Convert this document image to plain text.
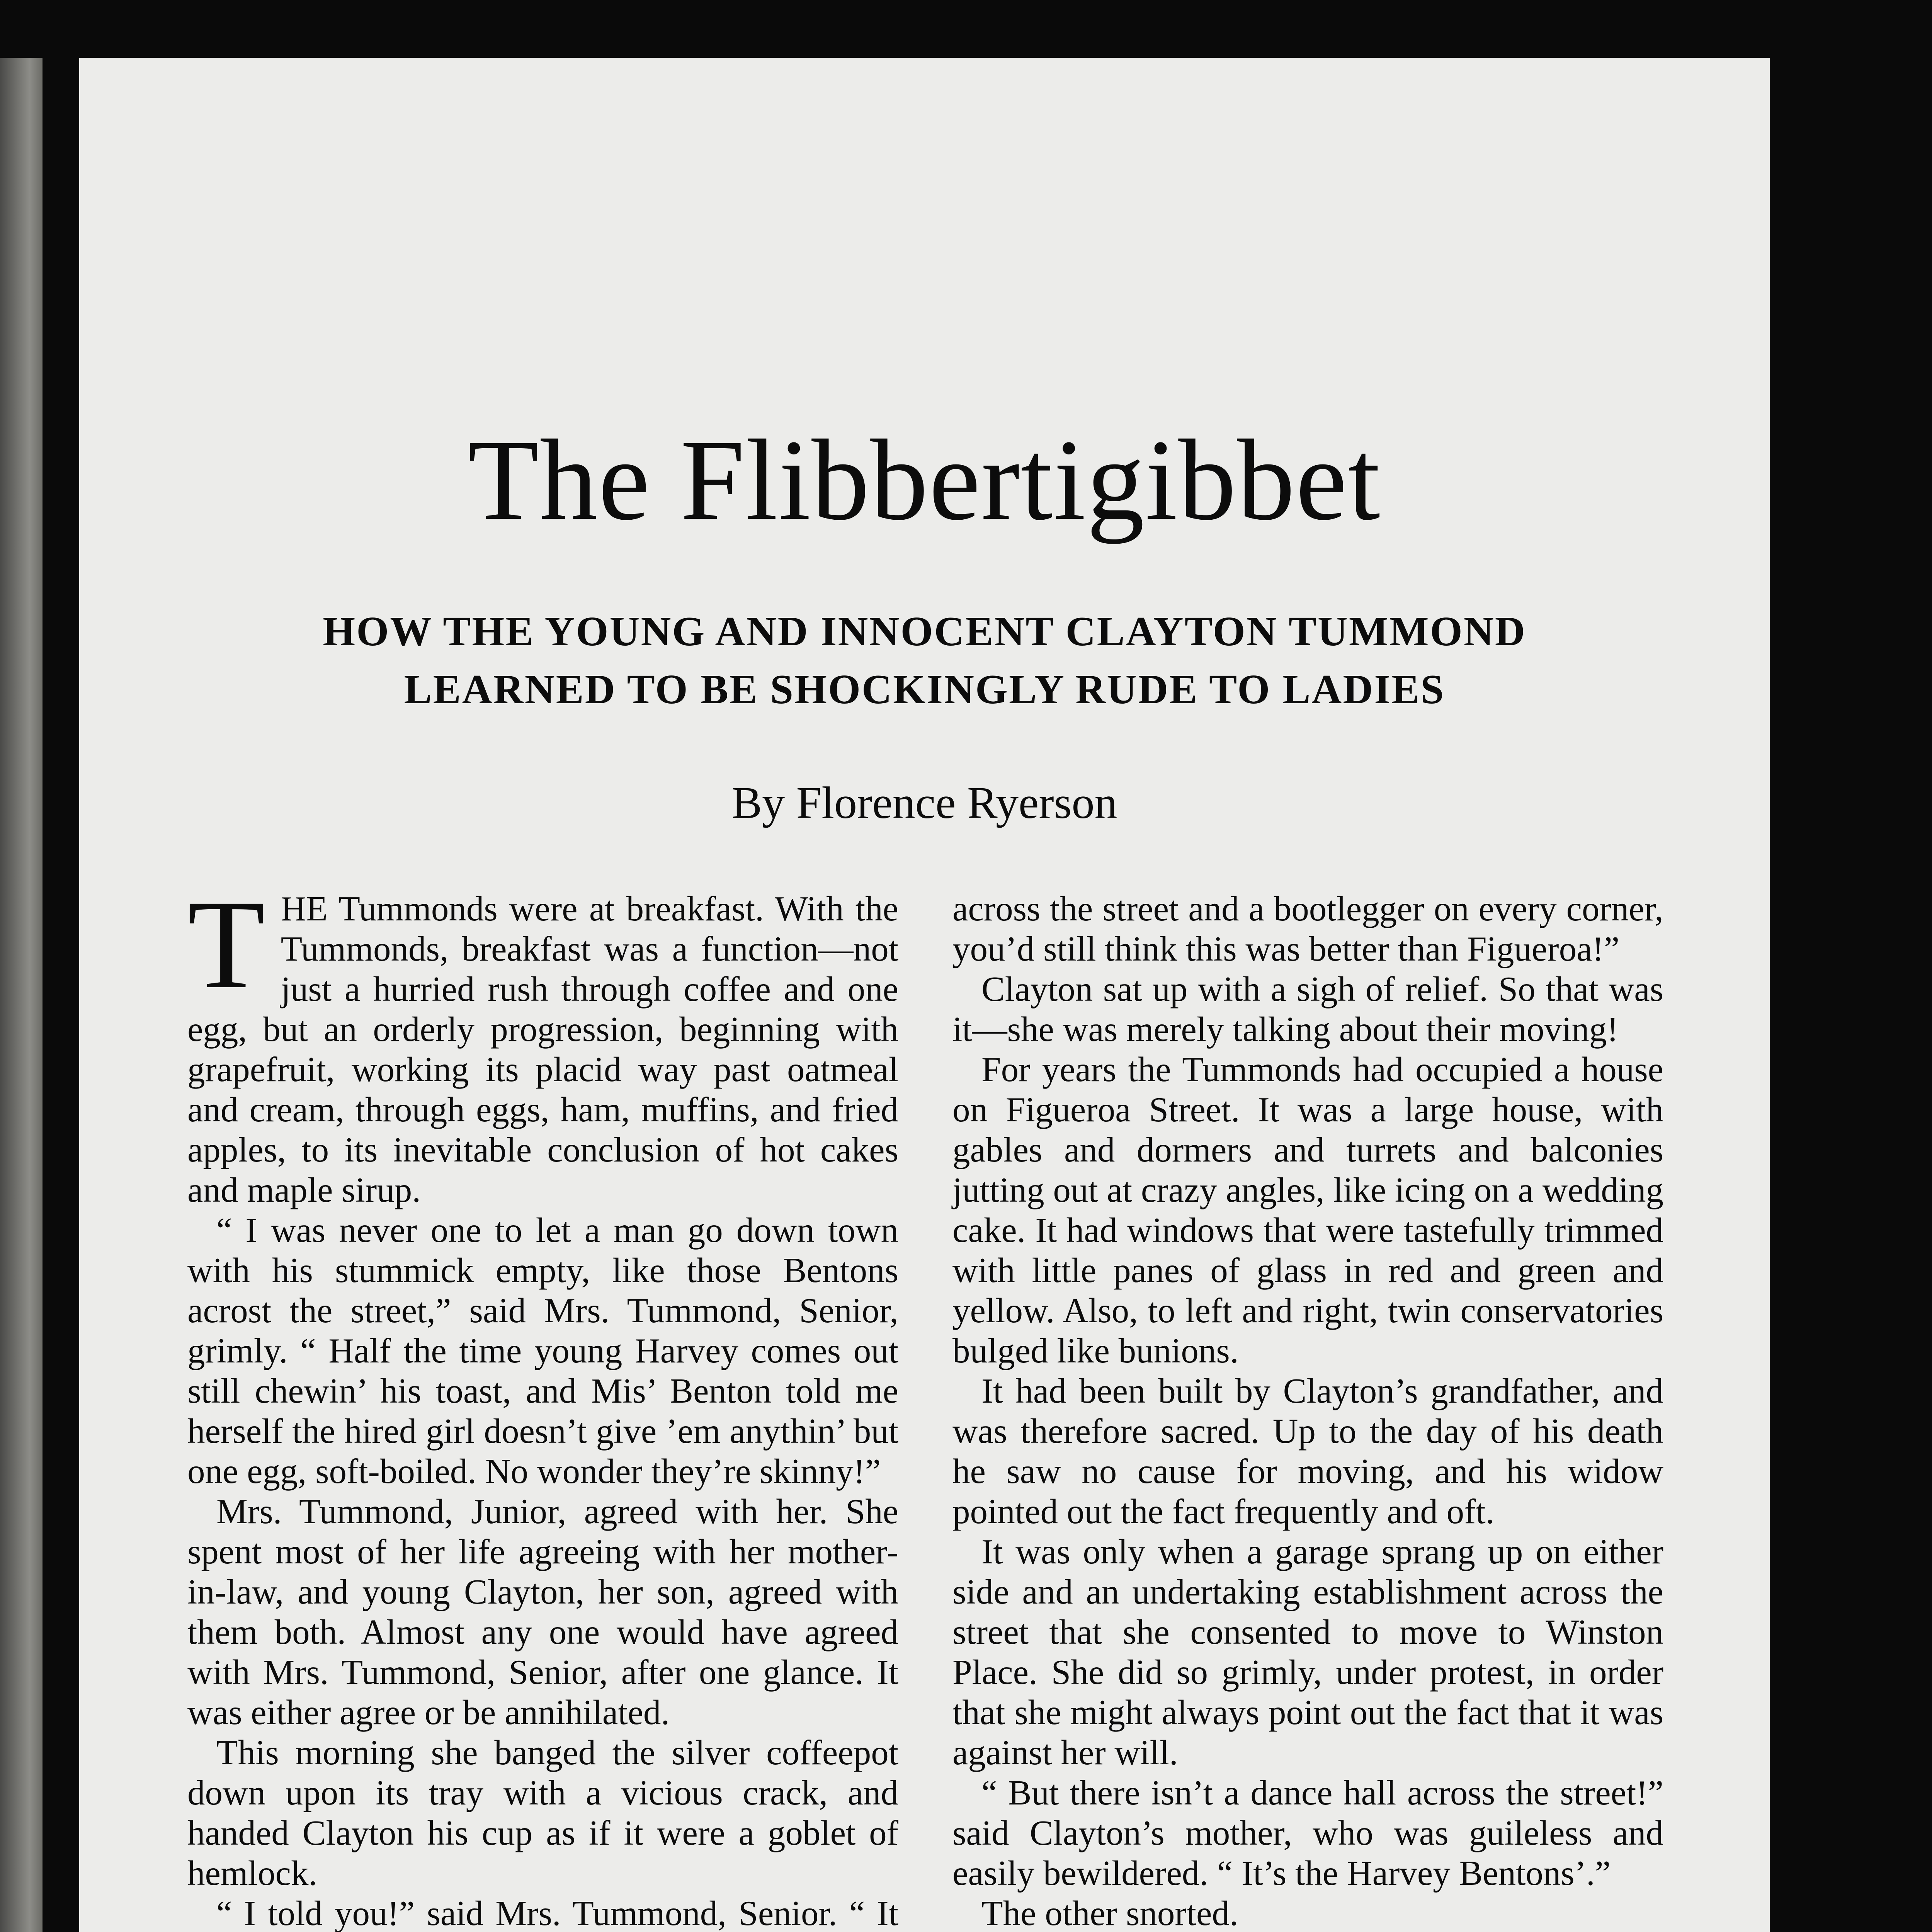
The Flibbertigibbet
HOW THE YOUNG AND INNOCENT CLAYTON TUMMOND
LEARNED TO BE SHOCKINGLY RUDE TO LADIES
By Florence Ryerson

THE Tummonds were at breakfast. With the Tummonds, breakfast was a function—not just a hurried rush through coffee and one egg, but an orderly progression, beginning with grapefruit, working its placid way past oatmeal and cream, through eggs, ham, muffins, and fried apples, to its inevitable conclusion of hot cakes and maple sirup.

“ I was never one to let a man go down town with his stummick empty, like those Bentons acrost the street,” said Mrs. Tummond, Senior, grimly. “ Half the time young Harvey comes out still chewin’ his toast, and Mis’ Benton told me herself the hired girl doesn’t give ’em anythin’ but one egg, soft-boiled. No wonder they’re skinny!”

Mrs. Tummond, Junior, agreed with her. She spent most of her life agreeing with her mother-in-law, and young Clayton, her son, agreed with them both. Almost any one would have agreed with Mrs. Tummond, Senior, after one glance. It was either agree or be annihilated.

This morning she banged the silver coffeepot down upon its tray with a vicious crack, and handed Clayton his cup as if it were a goblet of hemlock.

“ I told you!” said Mrs. Tummond, Senior. “ It

across the street and a bootlegger on every corner, you’d still think this was better than Figueroa!”

Clayton sat up with a sigh of relief. So that was it—she was merely talking about their moving!

For years the Tummonds had occupied a house on Figueroa Street. It was a large house, with gables and dormers and turrets and balconies jutting out at crazy angles, like icing on a wedding cake. It had windows that were tastefully trimmed with little panes of glass in red and green and yellow. Also, to left and right, twin conservatories bulged like bunions.

It had been built by Clayton’s grandfather, and was therefore sacred. Up to the day of his death he saw no cause for moving, and his widow pointed out the fact frequently and oft.

It was only when a garage sprang up on either side and an undertaking establishment across the street that she consented to move to Winston Place. She did so grimly, under protest, in order that she might always point out the fact that it was against her will.

“ But there isn’t a dance hall across the street!” said Clayton’s mother, who was guileless and easily bewildered. “ It’s the Harvey Bentons’.”

The other snorted.
